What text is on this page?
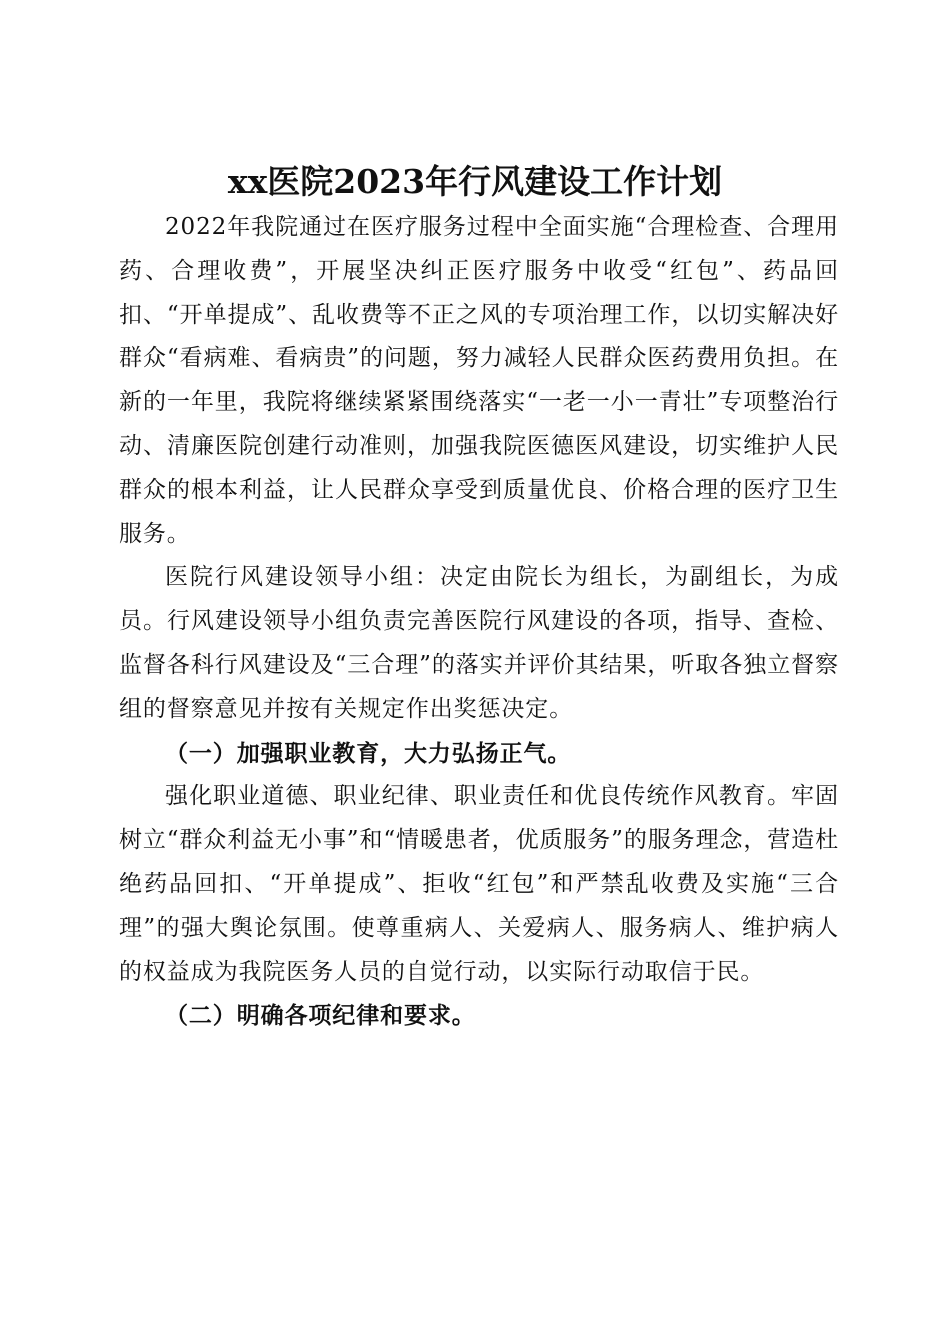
xx医院2023年行风建设工作计划

2022年我院通过在医疗服务过程中全面实施“合理检查、合理用药、合理收费”，开展坚决纠正医疗服务中收受“红包”、药品回扣、“开单提成”、乱收费等不正之风的专项治理工作，以切实解决好群众“看病难、看病贵”的问题，努力减轻人民群众医药费用负担。在新的一年里，我院将继续紧紧围绕落实“一老一小一青壮”专项整治行动、清廉医院创建行动准则，加强我院医德医风建设，切实维护人民群众的根本利益，让人民群众享受到质量优良、价格合理的医疗卫生服务。

医院行风建设领导小组：决定由院长为组长，为副组长，为成员。行风建设领导小组负责完善医院行风建设的各项，指导、查检、监督各科行风建设及“三合理”的落实并评价其结果，听取各独立督察组的督察意见并按有关规定作出奖惩决定。

（一）加强职业教育，大力弘扬正气。

强化职业道德、职业纪律、职业责任和优良传统作风教育。牢固树立“群众利益无小事”和“情暖患者，优质服务”的服务理念，营造杜绝药品回扣、“开单提成”、拒收“红包”和严禁乱收费及实施“三合理”的强大舆论氛围。使尊重病人、关爱病人、服务病人、维护病人的权益成为我院医务人员的自觉行动，以实际行动取信于民。

（二）明确各项纪律和要求。
